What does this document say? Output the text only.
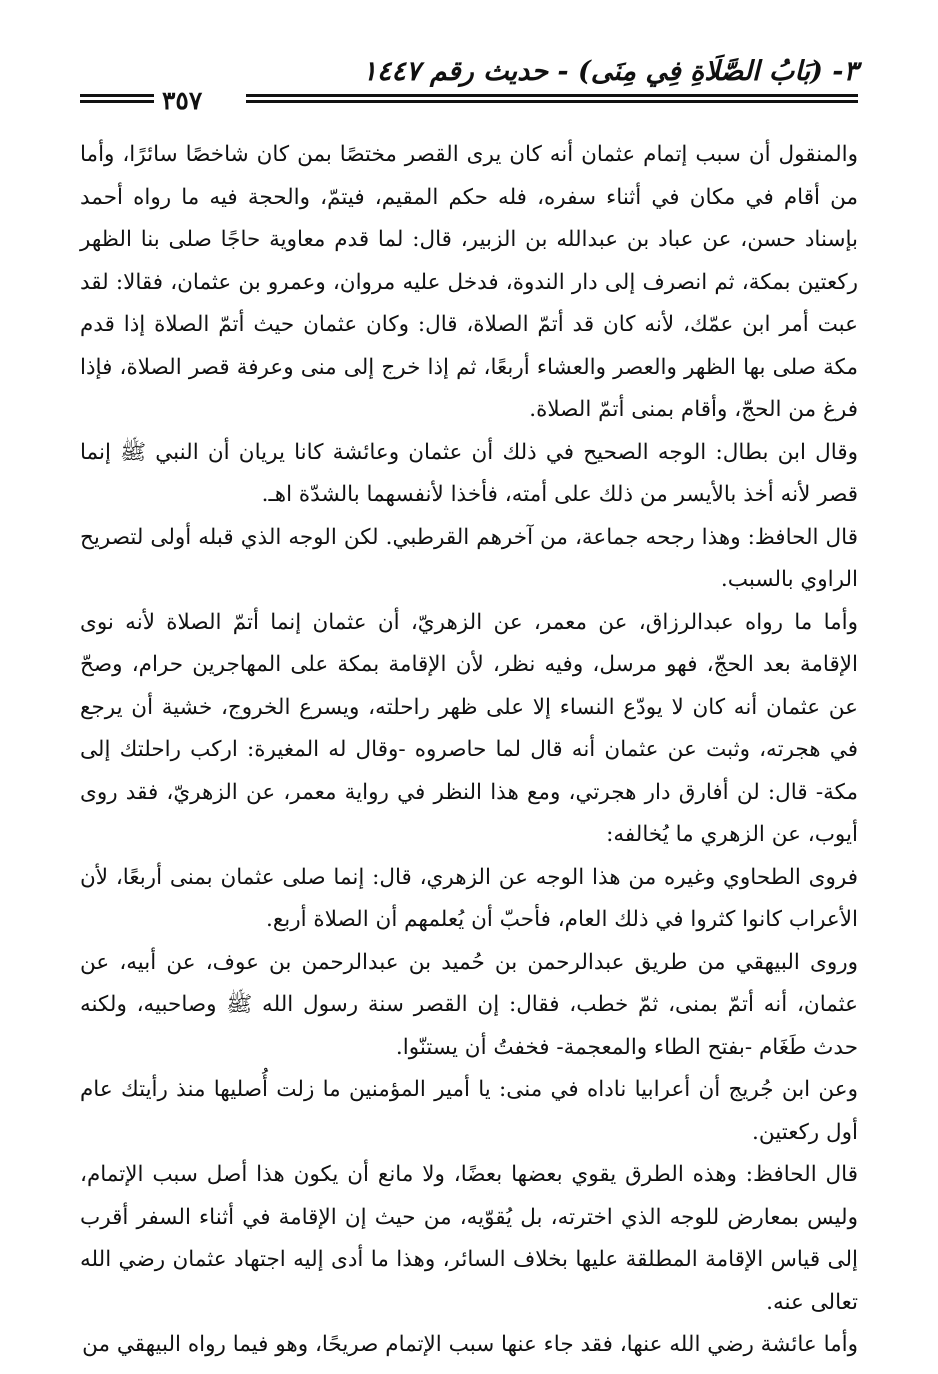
٣- (بَابُ الصَّلَاةِ فِي مِنَى) - حديث رقم ١٤٤٧
٣٥٧

والمنقول أن سبب إتمام عثمان أنه كان يرى القصر مختصًا بمن كان شاخصًا سائرًا، وأما من أقام في مكان في أثناء سفره، فله حكم المقيم، فيتمّ، والحجة فيه ما رواه أحمد بإسناد حسن، عن عباد بن عبدالله بن الزبير، قال: لما قدم معاوية حاجًا صلى بنا الظهر ركعتين بمكة، ثم انصرف إلى دار الندوة، فدخل عليه مروان، وعمرو بن عثمان، فقالا: لقد عبت أمر ابن عمّك، لأنه كان قد أتمّ الصلاة، قال: وكان عثمان حيث أتمّ الصلاة إذا قدم مكة صلى بها الظهر والعصر والعشاء أربعًا، ثم إذا خرج إلى منى وعرفة قصر الصلاة، فإذا فرغ من الحجّ، وأقام بمنى أتمّ الصلاة.

وقال ابن بطال: الوجه الصحيح في ذلك أن عثمان وعائشة كانا يريان أن النبي ﷺ إنما قصر لأنه أخذ بالأيسر من ذلك على أمته، فأخذا لأنفسهما بالشدّة اهـ.

قال الحافظ: وهذا رجحه جماعة، من آخرهم القرطبي. لكن الوجه الذي قبله أولى لتصريح الراوي بالسبب.

وأما ما رواه عبدالرزاق، عن معمر، عن الزهريّ، أن عثمان إنما أتمّ الصلاة لأنه نوى الإقامة بعد الحجّ، فهو مرسل، وفيه نظر، لأن الإقامة بمكة على المهاجرين حرام، وصحّ عن عثمان أنه كان لا يودّع النساء إلا على ظهر راحلته، ويسرع الخروج، خشية أن يرجع في هجرته، وثبت عن عثمان أنه قال لما حاصروه -وقال له المغيرة: اركب راحلتك إلى مكة- قال: لن أفارق دار هجرتي، ومع هذا النظر في رواية معمر، عن الزهريّ، فقد روى أيوب، عن الزهري ما يُخالفه:

فروى الطحاوي وغيره من هذا الوجه عن الزهري، قال: إنما صلى عثمان بمنى أربعًا، لأن الأعراب كانوا كثروا في ذلك العام، فأحبّ أن يُعلمهم أن الصلاة أربع.

وروى البيهقي من طريق عبدالرحمن بن حُميد بن عبدالرحمن بن عوف، عن أبيه، عن عثمان، أنه أتمّ بمنى، ثمّ خطب، فقال: إن القصر سنة رسول الله ﷺ وصاحبيه، ولكنه حدث طَغَام -بفتح الطاء والمعجمة- فخفتُ أن يستنّوا.

وعن ابن جُريج أن أعرابيا ناداه في منى: يا أمير المؤمنين ما زلت أُصليها منذ رأيتك عام أول ركعتين.

قال الحافظ: وهذه الطرق يقوي بعضها بعضًا، ولا مانع أن يكون هذا أصل سبب الإتمام، وليس بمعارض للوجه الذي اخترته، بل يُقوّيه، من حيث إن الإقامة في أثناء السفر أقرب إلى قياس الإقامة المطلقة عليها بخلاف السائر، وهذا ما أدى إليه اجتهاد عثمان رضي الله تعالى عنه.

وأما عائشة رضي الله عنها، فقد جاء عنها سبب الإتمام صريحًا، وهو فيما رواه البيهقي من
